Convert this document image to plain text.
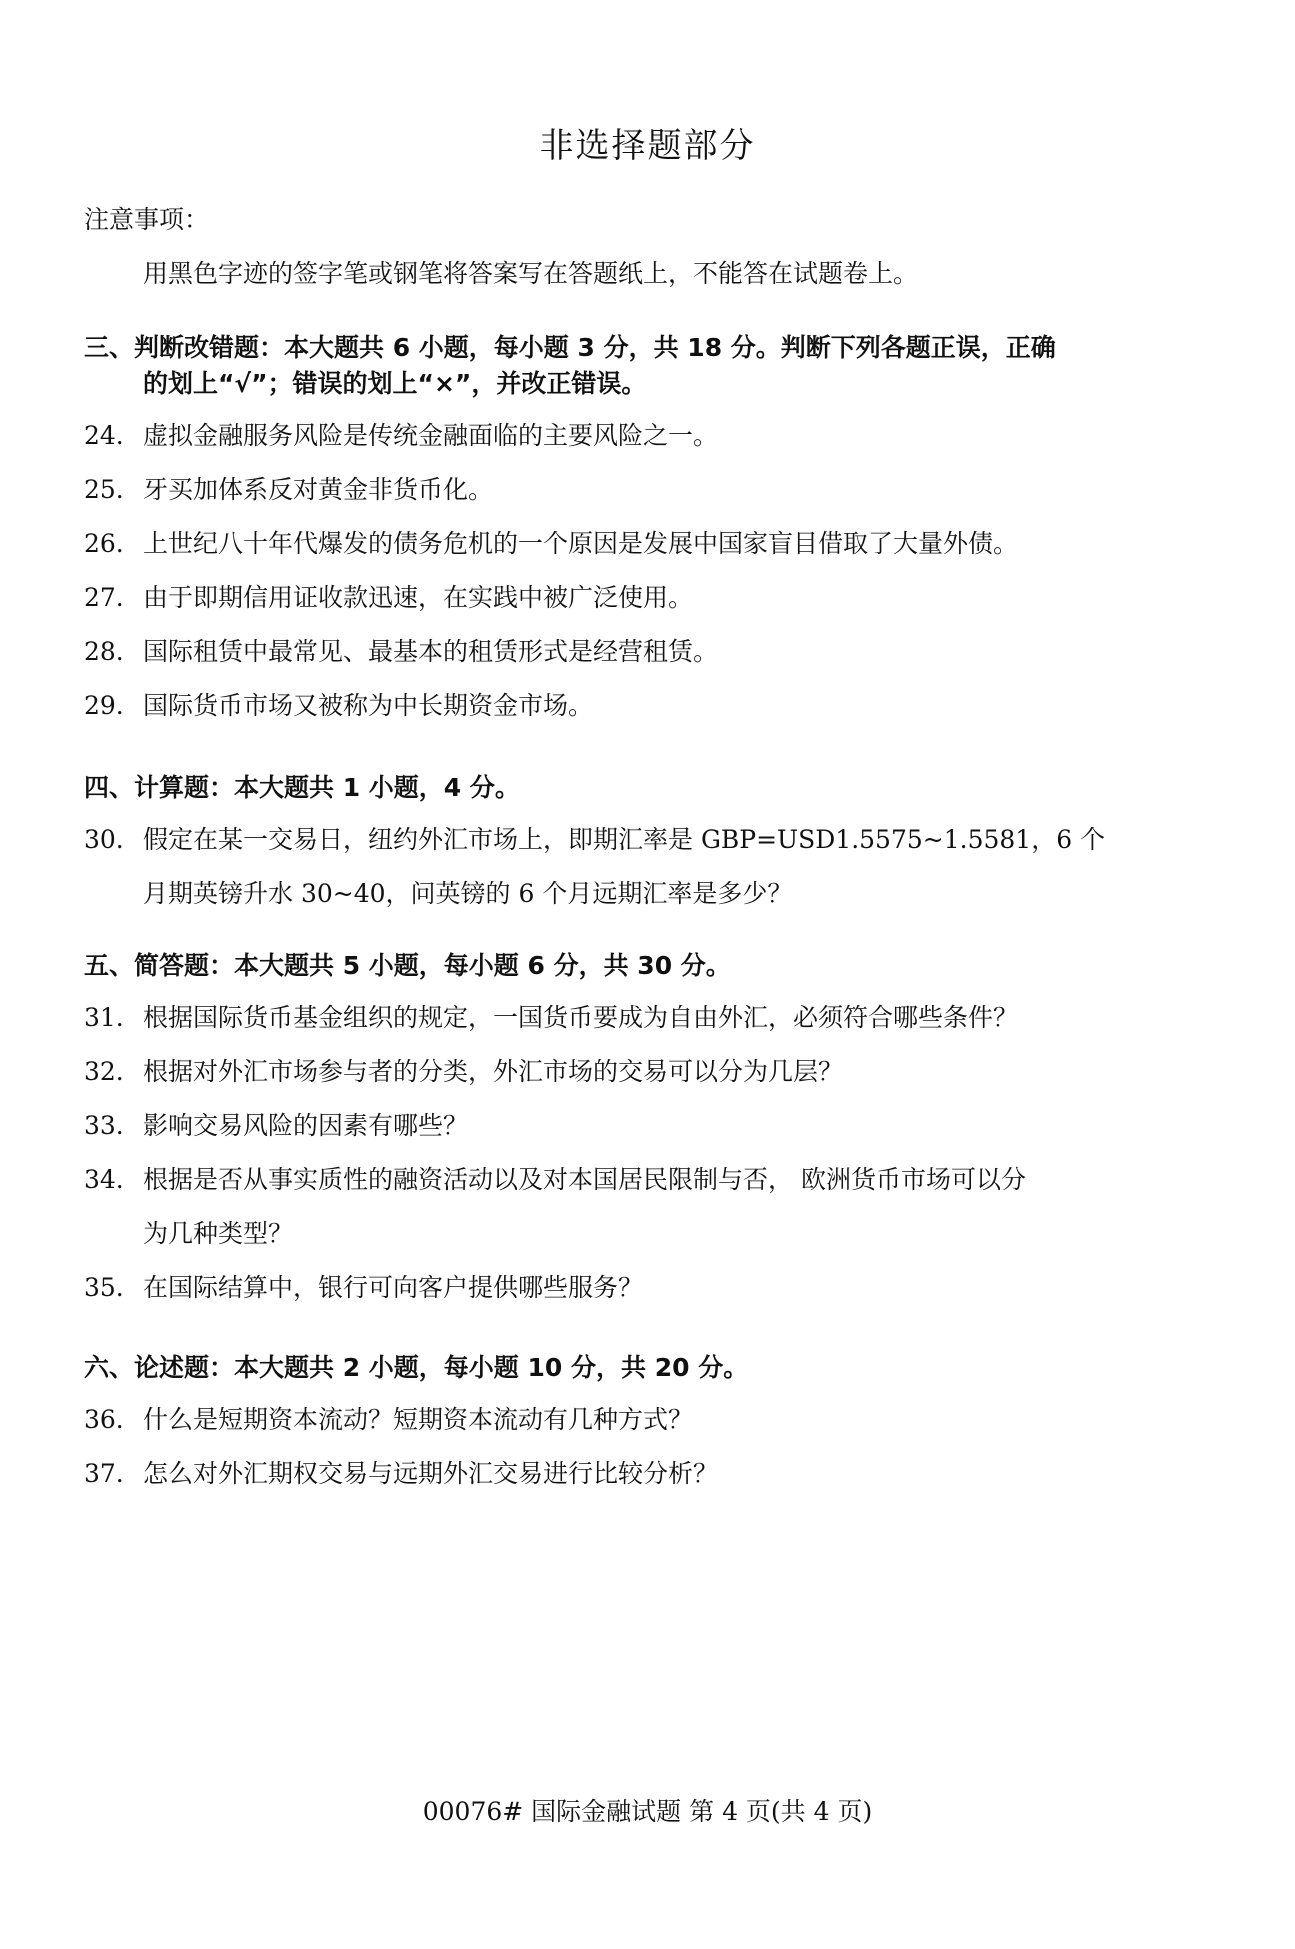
非选择题部分
注意事项：
用黑色字迹的签字笔或钢笔将答案写在答题纸上，不能答在试题卷上。
三、判断改错题：本大题共 6 小题，每小题 3 分，共 18 分。判断下列各题正误，正确
的划上“√”；错误的划上“×”，并改正错误。
24. 虚拟金融服务风险是传统金融面临的主要风险之一。
25. 牙买加体系反对黄金非货币化。
26. 上世纪八十年代爆发的债务危机的一个原因是发展中国家盲目借取了大量外债。
27. 由于即期信用证收款迅速，在实践中被广泛使用。
28. 国际租赁中最常见、最基本的租赁形式是经营租赁。
29. 国际货币市场又被称为中长期资金市场。
四、计算题：本大题共 1 小题，4 分。
30. 假定在某一交易日，纽约外汇市场上，即期汇率是 GBP=USD1.5575~1.5581，6 个
月期英镑升水 30~40，问英镑的 6 个月远期汇率是多少？
五、简答题：本大题共 5 小题，每小题 6 分，共 30 分。
31. 根据国际货币基金组织的规定，一国货币要成为自由外汇，必须符合哪些条件？
32. 根据对外汇市场参与者的分类，外汇市场的交易可以分为几层？
33. 影响交易风险的因素有哪些？
34. 根据是否从事实质性的融资活动以及对本国居民限制与否， 欧洲货币市场可以分
为几种类型？
35. 在国际结算中，银行可向客户提供哪些服务？
六、论述题：本大题共 2 小题，每小题 10 分，共 20 分。
36. 什么是短期资本流动？短期资本流动有几种方式？
37. 怎么对外汇期权交易与远期外汇交易进行比较分析？
00076# 国际金融试题 第 4 页(共 4 页)
